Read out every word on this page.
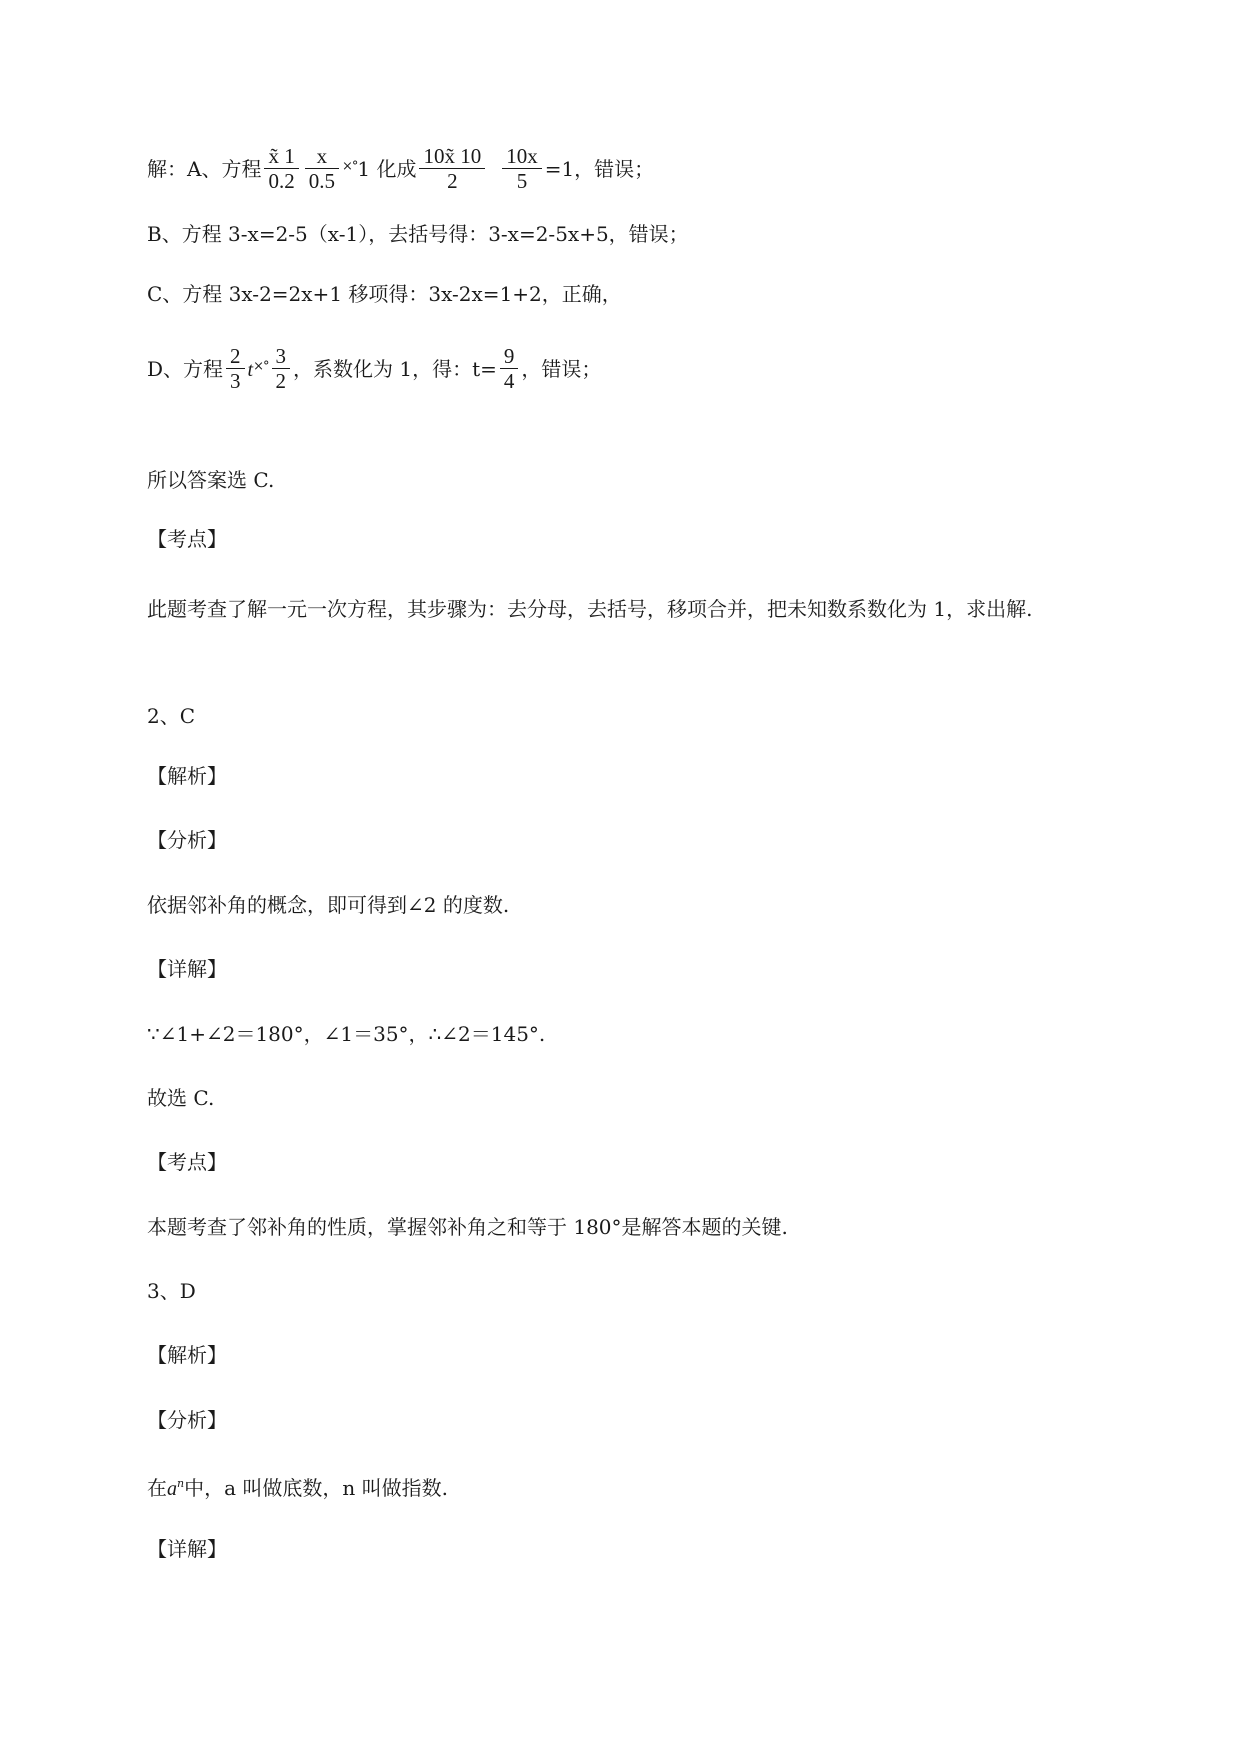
解：A、方程 $\frac{x̃ 1}{0.2} \frac{x}{0.5} ^{\times^\circ}1$ 化成 $\frac{10x̃ 10}{2} \frac{10x}{5} =1$，错误；
B、方程 3-x=2-5（x-1），去括号得：3-x=2-5x+5，错误；
C、方程 3x-2=2x+1 移项得：3x-2x=1+2，正确，
D、方程 $\frac{2}{3} t^{\times^\circ} \frac{3}{2}$ ，系数化为 1，得：$t= \frac{9}{4}$ ，错误；
所以答案选 C.
【考点】
此题考查了解一元一次方程，其步骤为：去分母，去括号，移项合并，把未知数系数化为 1，求出解.
2、C
【解析】
【分析】
依据邻补角的概念，即可得到∠2 的度数.
【详解】
∵∠1+∠2＝180°，∠1＝35°，∴∠2＝145°.
故选 C.
【考点】
本题考查了邻补角的性质，掌握邻补角之和等于 180°是解答本题的关键.
3、D
【解析】
【分析】
在$a^n$中，a 叫做底数，n 叫做指数.
【详解】
